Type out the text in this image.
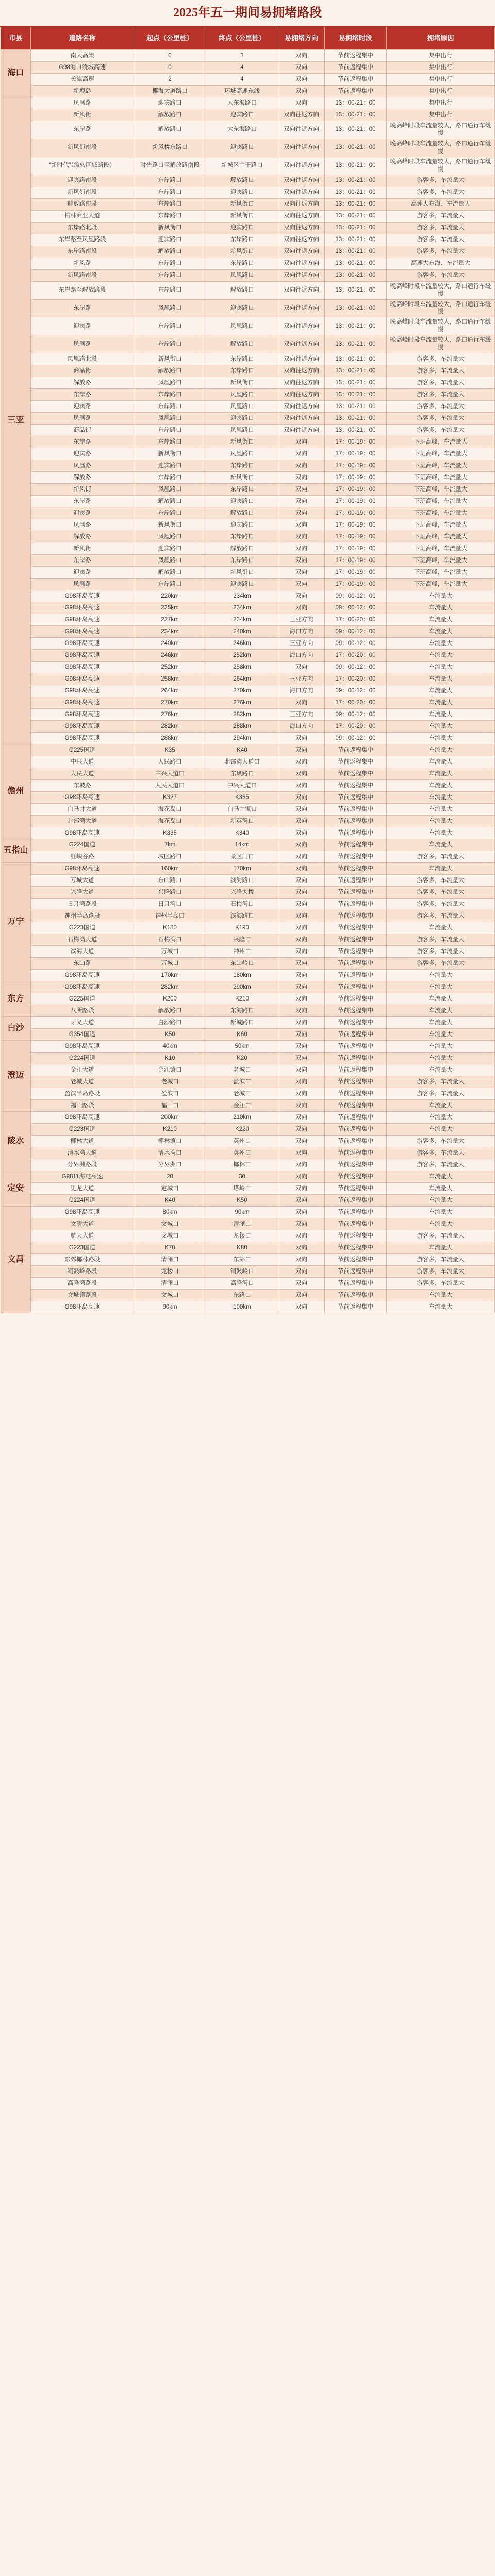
2025年五一期间易拥堵路段
市县	道路名称	起点（公里桩）	终点（公里桩）	易拥堵方向	易拥堵时段	拥堵原因
海口	南大高架	0	3	双向	节前返程集中	集中出行
	G98海口绕城高速	0	4	双向	节前返程集中	集中出行
	长流高速	2	4	双向	节前返程集中	集中出行
	新埠岛	椰海大道路口	环城高速东线	双向	节前返程集中	集中出行
三亚	凤凰路	迎宾路口	大东海路口	双向	13：00-21：00	集中出行
	新风街	解放路口	迎宾路口	双向往返方向	13：00-21：00	集中出行
	东岸路	解放路口	大东海路口	双向往返方向	13：00-21：00	晚高峰时段车流量较大，路口通行车缓慢
	新风街南段	新风桥东路口	迎宾路口	双向往返方向	13：00-21：00	晚高峰时段车流量较大，路口通行车缓慢
	“新时代”（流转区域路段）	时光路口至解放路南段	新城区主干路口	双向往返方向	13：00-21：00	晚高峰时段车流量较大，路口通行车缓慢
	迎宾路南段	东岸路口	解放路口	双向往返方向	13：00-21：00	游客多，车流量大
	新风街南段	东岸路口	迎宾路口	双向往返方向	13：00-21：00	游客多，车流量大
	解放路南段	东岸路口	新风街口	双向往返方向	13：00-21：00	高速大东海、车流量大
	榆林商业大道	东岸路口	新风街口	双向往返方向	13：00-21：00	游客多，车流量大
	东岸路北段	新风街口	迎宾路口	双向往返方向	13：00-21：00	游客多，车流量大
	东岸路至凤凰路段	迎宾路口	东岸路口	双向往返方向	13：00-21：00	游客多，车流量大
	东岸路南段	解放路口	新风街口	双向往返方向	13：00-21：00	游客多，车流量大
	新风路	东岸路口	东岸路口	双向往返方向	13：00-21：00	高速大东海、车流量大
	新风路南段	东岸路口	凤凰路口	双向往返方向	13：00-21：00	游客多，车流量大
	东岸路至解放路段	东岸路口	解放路口	双向往返方向	13：00-21：00	晚高峰时段车流量较大，路口通行车缓慢
	东岸路	凤凰路口	迎宾路口	双向往返方向	13：00-21：00	晚高峰时段车流量较大，路口通行车缓慢
	迎宾路	东岸路口	凤凰路口	双向往返方向	13：00-21：00	晚高峰时段车流量较大，路口通行车缓慢
	凤凰路	东岸路口	解放路口	双向往返方向	13：00-21：00	晚高峰时段车流量较大，路口通行车缓慢
	凤凰路北段	新风街口	东岸路口	双向往返方向	13：00-21：00	游客多，车流量大
	商品街	解放路口	东岸路口	双向往返方向	13：00-21：00	游客多，车流量大
	解放路	凤凰路口	新风街口	双向往返方向	13：00-21：00	游客多，车流量大
	东岸路	东岸路口	凤凰路口	双向往返方向	13：00-21：00	游客多，车流量大
	迎宾路	东岸路口	凤凰路口	双向往返方向	13：00-21：00	游客多，车流量大
	凤凰路	凤凰路口	迎宾路口	双向往返方向	13：00-21：00	游客多，车流量大
	商品街	东岸路口	凤凰路口	双向往返方向	13：00-21：00	游客多，车流量大
	东岸路	东岸路口	新风街口	双向	17：00-19：00	下班高峰，车流量大
	迎宾路	新风街口	凤凰路口	双向	17：00-19：00	下班高峰，车流量大
	凤凰路	迎宾路口	东岸路口	双向	17：00-19：00	下班高峰，车流量大
	解放路	东岸路口	新风街口	双向	17：00-19：00	下班高峰，车流量大
	新风街	凤凰路口	东岸路口	双向	17：00-19：00	下班高峰，车流量大
	东岸路	解放路口	迎宾路口	双向	17：00-19：00	下班高峰，车流量大
	迎宾路	东岸路口	解放路口	双向	17：00-19：00	下班高峰，车流量大
	凤凰路	新风街口	迎宾路口	双向	17：00-19：00	下班高峰，车流量大
	解放路	凤凰路口	东岸路口	双向	17：00-19：00	下班高峰，车流量大
	新风街	迎宾路口	解放路口	双向	17：00-19：00	下班高峰，车流量大
	东岸路	凤凰路口	东岸路口	双向	17：00-19：00	下班高峰，车流量大
	迎宾路	解放路口	新风街口	双向	17：00-19：00	下班高峰，车流量大
	凤凰路	东岸路口	迎宾路口	双向	17：00-19：00	下班高峰，车流量大
	G98环岛高速	220km	234km	双向	09：00-12：00	车流量大
	G98环岛高速	225km	234km	双向	09：00-12：00	车流量大
	G98环岛高速	227km	234km	三亚方向	17：00-20：00	车流量大
	G98环岛高速	234km	240km	海口方向	09：00-12：00	车流量大
	G98环岛高速	240km	246km	三亚方向	09：00-12：00	车流量大
	G98环岛高速	246km	252km	海口方向	17：00-20：00	车流量大
	G98环岛高速	252km	258km	双向	09：00-12：00	车流量大
	G98环岛高速	258km	264km	三亚方向	17：00-20：00	车流量大
	G98环岛高速	264km	270km	海口方向	09：00-12：00	车流量大
	G98环岛高速	270km	276km	双向	17：00-20：00	车流量大
	G98环岛高速	276km	282km	三亚方向	09：00-12：00	车流量大
	G98环岛高速	282km	288km	海口方向	17：00-20：00	车流量大
	G98环岛高速	288km	294km	双向	09：00-12：00	车流量大
儋州	G225国道	K35	K40	双向	节前返程集中	车流量大
	中兴大道	人民路口	北部湾大道口	双向	节前返程集中	车流量大
	人民大道	中兴大道口	东风路口	双向	节前返程集中	车流量大
	东坡路	人民大道口	中兴大道口	双向	节前返程集中	车流量大
	G98环岛高速	K327	K335	双向	节前返程集中	车流量大
	白马井大道	海花岛口	白马井镇口	双向	节前返程集中	车流量大
	北部湾大道	海花岛口	新英湾口	双向	节前返程集中	车流量大
	G98环岛高速	K335	K340	双向	节前返程集中	车流量大
五指山	G224国道	7km	14km	双向	节前返程集中	车流量大
	红峡谷路	城区路口	景区门口	双向	节前返程集中	游客多，车流量大
万宁	G98环岛高速	160km	170km	双向	节前返程集中	车流量大
	万城大道	东山路口	滨海路口	双向	节前返程集中	游客多，车流量大
	兴隆大道	兴隆路口	兴隆大桥	双向	节前返程集中	游客多，车流量大
	日月湾路段	日月湾口	石梅湾口	双向	节前返程集中	游客多，车流量大
	神州半岛路段	神州半岛口	滨海路口	双向	节前返程集中	游客多，车流量大
	G223国道	K180	K190	双向	节前返程集中	车流量大
	石梅湾大道	石梅湾口	兴隆口	双向	节前返程集中	游客多，车流量大
	滨海大道	万城口	神州口	双向	节前返程集中	游客多，车流量大
	东山路	万城口	东山岭口	双向	节前返程集中	游客多，车流量大
	G98环岛高速	170km	180km	双向	节前返程集中	车流量大
东方	G98环岛高速	282km	290km	双向	节前返程集中	车流量大
	G225国道	K200	K210	双向	节前返程集中	车流量大
	八所路段	解放路口	东海路口	双向	节前返程集中	车流量大
白沙	牙叉大道	白沙路口	新城路口	双向	节前返程集中	车流量大
	G354国道	K50	K60	双向	节前返程集中	车流量大
澄迈	G98环岛高速	40km	50km	双向	节前返程集中	车流量大
	G224国道	K10	K20	双向	节前返程集中	车流量大
	金江大道	金江镇口	老城口	双向	节前返程集中	车流量大
	老城大道	老城口	盈滨口	双向	节前返程集中	游客多，车流量大
	盈滨半岛路段	盈滨口	老城口	双向	节前返程集中	游客多，车流量大
	福山路段	福山口	金江口	双向	节前返程集中	车流量大
陵水	G98环岛高速	200km	210km	双向	节前返程集中	车流量大
	G223国道	K210	K220	双向	节前返程集中	车流量大
	椰林大道	椰林镇口	英州口	双向	节前返程集中	游客多，车流量大
	清水湾大道	清水湾口	英州口	双向	节前返程集中	游客多，车流量大
	分界洲路段	分界洲口	椰林口	双向	节前返程集中	游客多，车流量大
定安	G9811海屯高速	20	30	双向	节前返程集中	车流量大
	见龙大道	定城口	塔岭口	双向	节前返程集中	车流量大
	G224国道	K40	K50	双向	节前返程集中	车流量大
文昌	G98环岛高速	80km	90km	双向	节前返程集中	车流量大
	文清大道	文城口	清澜口	双向	节前返程集中	车流量大
	航天大道	文城口	龙楼口	双向	节前返程集中	游客多，车流量大
	G223国道	K70	K80	双向	节前返程集中	车流量大
	东郊椰林路段	清澜口	东郊口	双向	节前返程集中	游客多，车流量大
	铜鼓岭路段	龙楼口	铜鼓岭口	双向	节前返程集中	游客多，车流量大
	高隆湾路段	清澜口	高隆湾口	双向	节前返程集中	游客多，车流量大
	文城镇路段	文城口	东路口	双向	节前返程集中	车流量大
	G98环岛高速	90km	100km	双向	节前返程集中	车流量大
